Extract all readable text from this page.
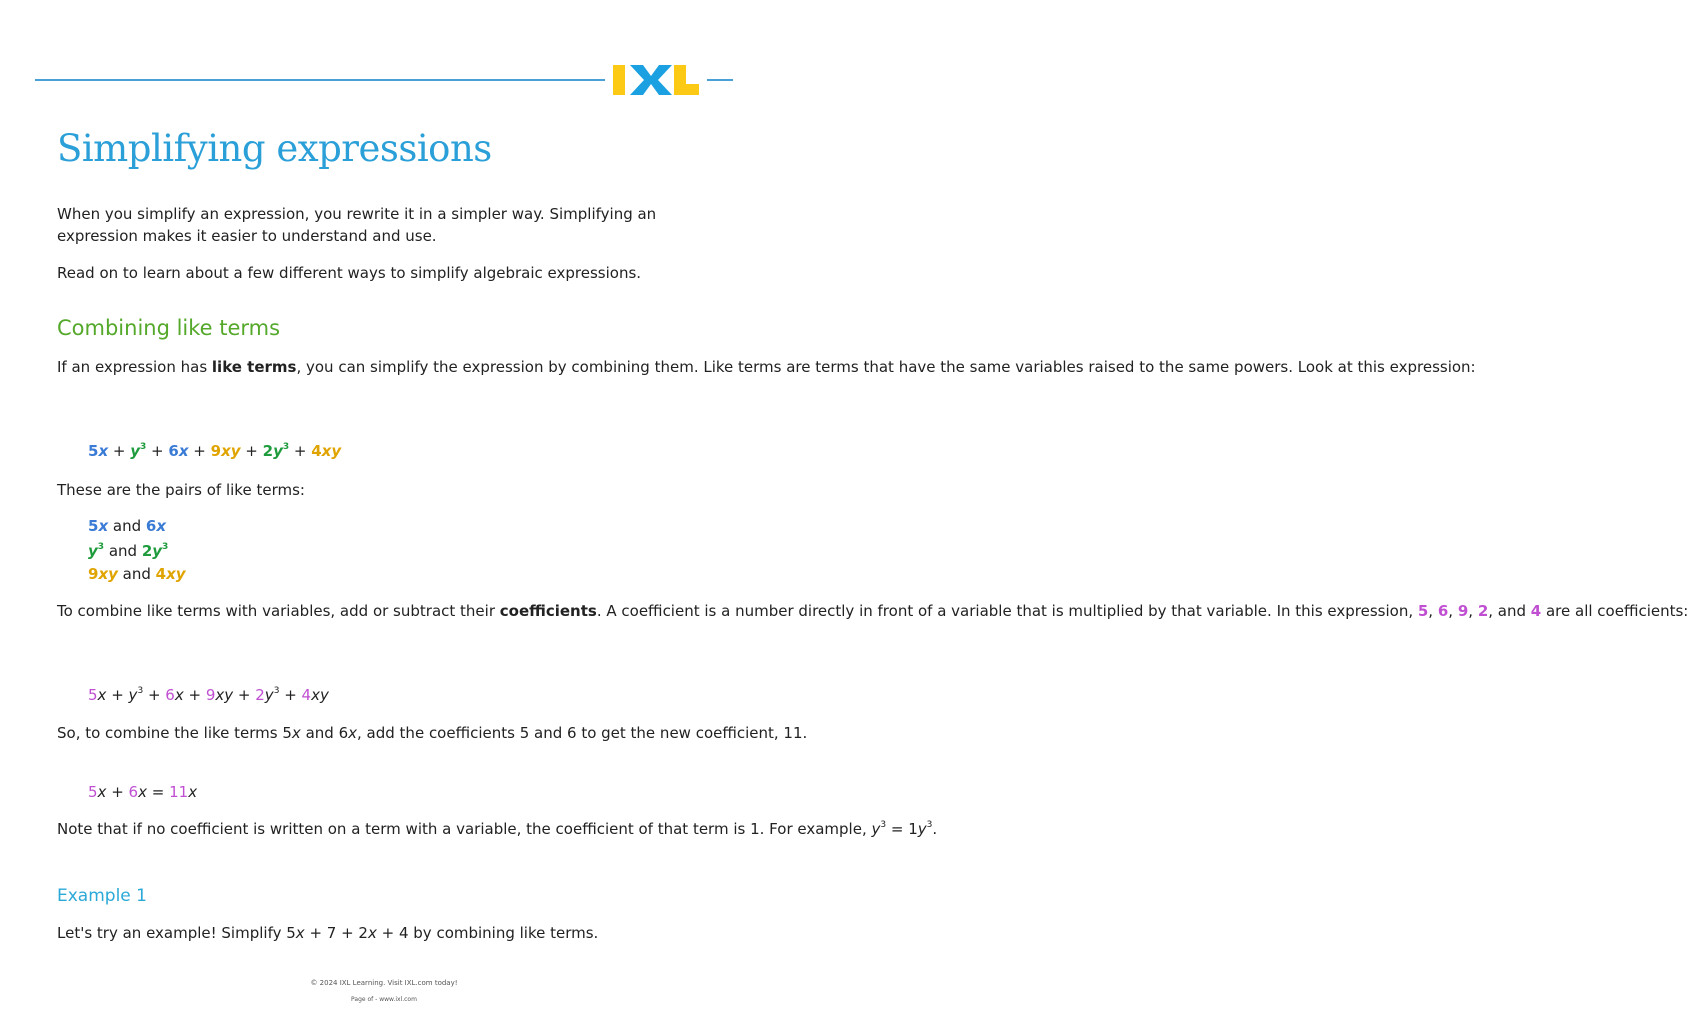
IXL
Simplifying expressions

When you simplify an expression, you rewrite it in a simpler way. Simplifying an expression makes it easier to understand and use.

Read on to learn about a few different ways to simplify algebraic expressions.

Combining like terms

If an expression has like terms, you can simplify the expression by combining them. Like terms are terms that have the same variables raised to the same powers. Look at this expression:

$5x + y^3 + 6x + 9xy + 2y^3 + 4xy$

These are the pairs of like terms:

5x and 6x
$y^3$ and $2y^3$
9xy and 4xy

To combine like terms with variables, add or subtract their coefficients. A coefficient is a number directly in front of a variable that is multiplied by that variable. In this expression, 5, 6, 9, 2, and 4 are all coefficients:

$5x + y^3 + 6x + 9xy + 2y^3 + 4xy$

So, to combine the like terms 5x and 6x, add the coefficients 5 and 6 to get the new coefficient, 11.

5x + 6x = 11x

Note that if no coefficient is written on a term with a variable, the coefficient of that term is 1. For example, $y^3 = 1y^3$.

Example 1

Let's try an example! Simplify 5x + 7 + 2x + 4 by combining like terms.

© 2024 IXL Learning. Visit IXL.com today!
Page of - www.ixl.com
